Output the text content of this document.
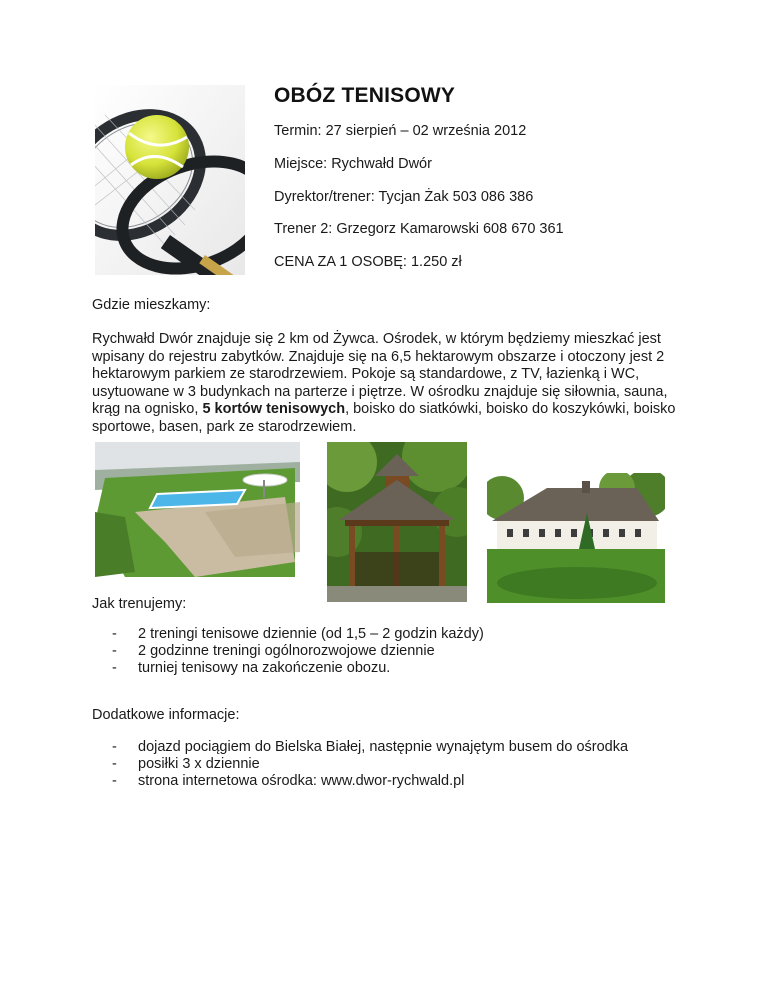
OBÓZ TENISOWY
Termin: 27 sierpień – 02 września 2012
Miejsce: Rychwałd Dwór
Dyrektor/trener: Tycjan Żak 503 086 386
Trener 2: Grzegorz Kamarowski 608 670 361
CENA ZA 1 OSOBĘ: 1.250 zł
Gdzie mieszkamy:
Rychwałd Dwór znajduje się 2 km od Żywca. Ośrodek, w którym będziemy mieszkać jest wpisany do rejestru zabytków. Znajduje się na 6,5 hektarowym obszarze i otoczony jest 2 hektarowym parkiem ze starodrzewiem. Pokoje są standardowe, z TV, łazienką i WC, usytuowane w 3 budynkach na parterze i piętrze. W ośrodku znajduje się siłownia, sauna, krąg na ognisko, 5 kortów tenisowych, boisko do siatkówki, boisko do koszykówki, boisko sportowe, basen, park ze starodrzewiem.
Jak trenujemy:
- 2 treningi tenisowe dziennie (od 1,5 – 2 godzin każdy)
- 2 godzinne treningi ogólnorozwojowe dziennie
- turniej tenisowy na zakończenie obozu.
Dodatkowe informacje:
- dojazd pociągiem do Bielska Białej, następnie wynajętym busem do ośrodka
- posiłki 3 x dziennie
- strona internetowa ośrodka: www.dwor-rychwald.pl
